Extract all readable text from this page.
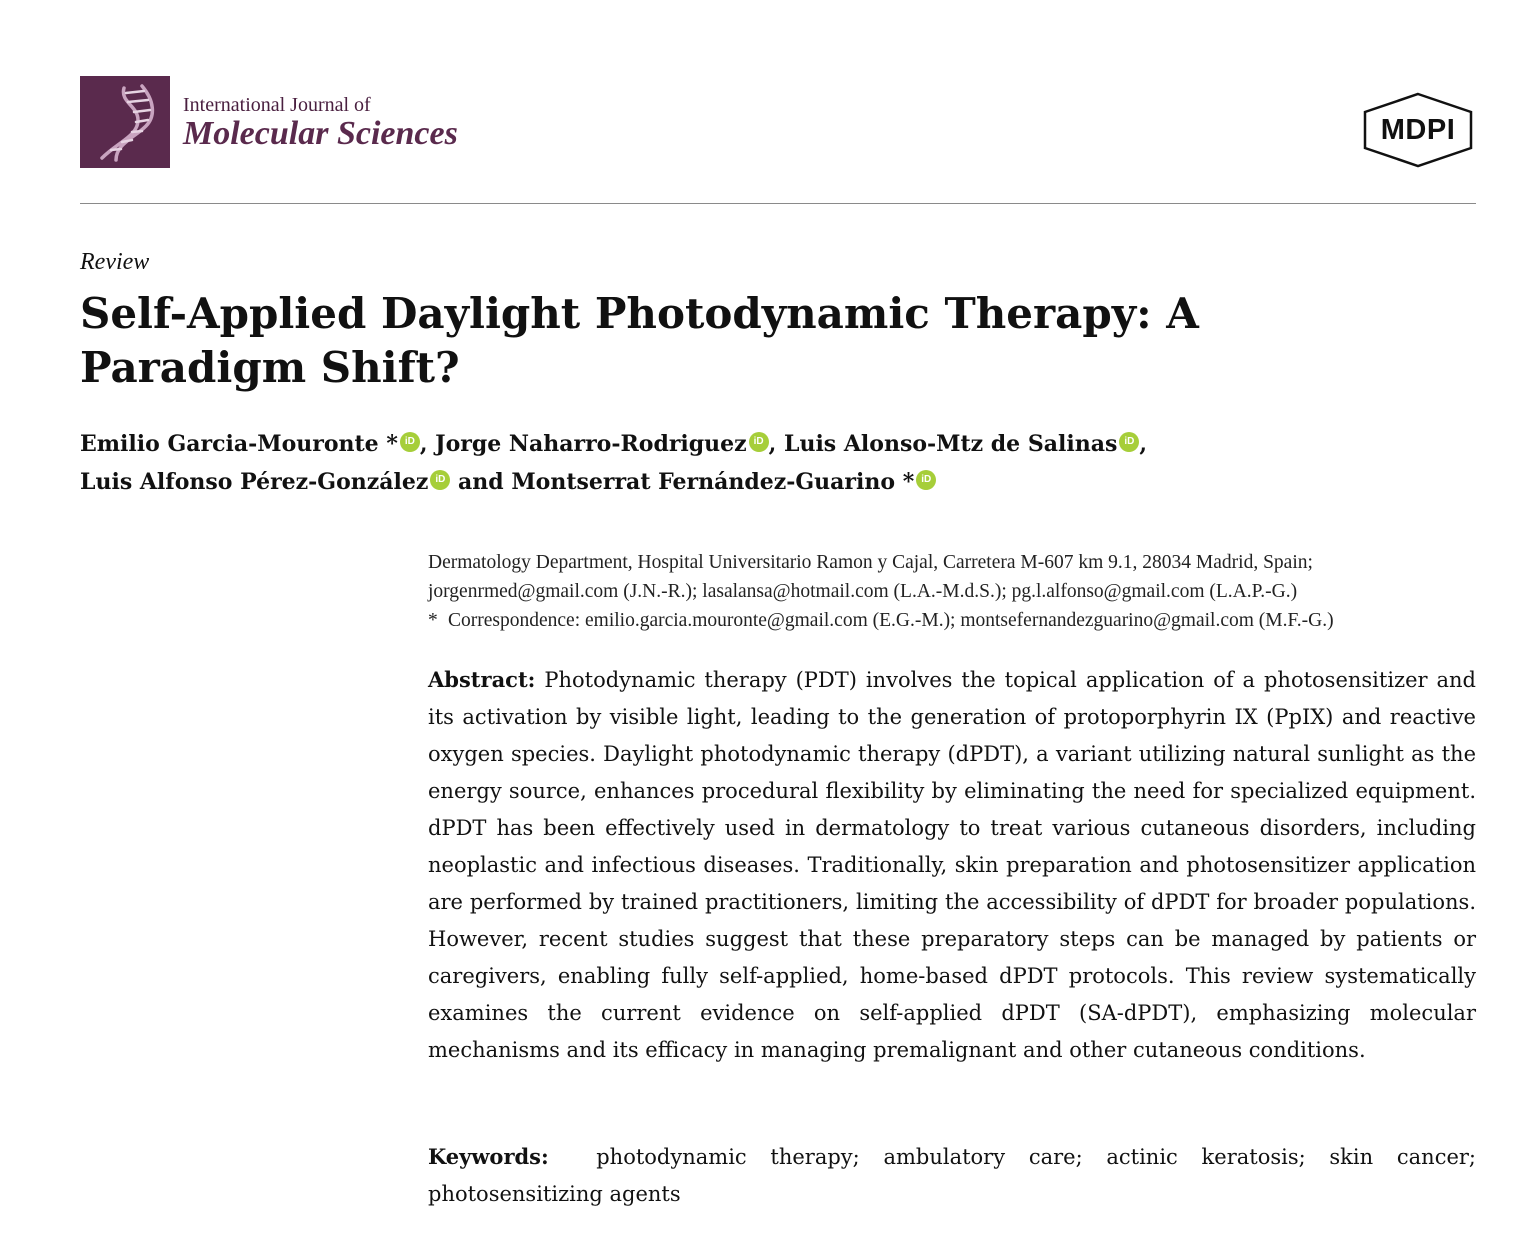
International Journal of
Molecular Sciences	MDPI
Review
Self-Applied Daylight Photodynamic Therapy: A Paradigm Shift?
Emilio Garcia-Mouronte * iD , Jorge Naharro-Rodriguez iD , Luis Alonso-Mtz de Salinas iD ,
Luis Alfonso Pérez-González iD and Montserrat Fernández-Guarino * iD
Dermatology Department, Hospital Universitario Ramon y Cajal, Carretera M-607 km 9.1, 28034 Madrid, Spain;
jorgenrmed@gmail.com (J.N.-R.); lasalansa@hotmail.com (L.A.-M.d.S.); pg.l.alfonso@gmail.com (L.A.P.-G.)
* Correspondence: emilio.garcia.mouronte@gmail.com (E.G.-M.); montsefernandezguarino@gmail.com (M.F.-G.)

Abstract: Photodynamic therapy (PDT) involves the topical application of a photosensitizer and its activation by visible light, leading to the generation of protoporphyrin IX (PpIX) and reactive oxygen species. Daylight photodynamic therapy (dPDT), a variant utilizing natural sunlight as the energy source, enhances procedural flexibility by eliminating the need for specialized equipment. dPDT has been effectively used in dermatology to treat various cutaneous disorders, including neoplastic and infectious diseases. Traditionally, skin preparation and photosensitizer application are performed by trained practitioners, limiting the accessibility of dPDT for broader populations. However, recent studies suggest that these preparatory steps can be managed by patients or caregivers, enabling fully self-applied, home-based dPDT protocols. This review systematically examines the current evidence on self-applied dPDT (SA-dPDT), emphasizing molecular mechanisms and its efficacy in managing premalignant and other cutaneous conditions.

Keywords: photodynamic therapy; ambulatory care; actinic keratosis; skin cancer; photosensitizing agents
